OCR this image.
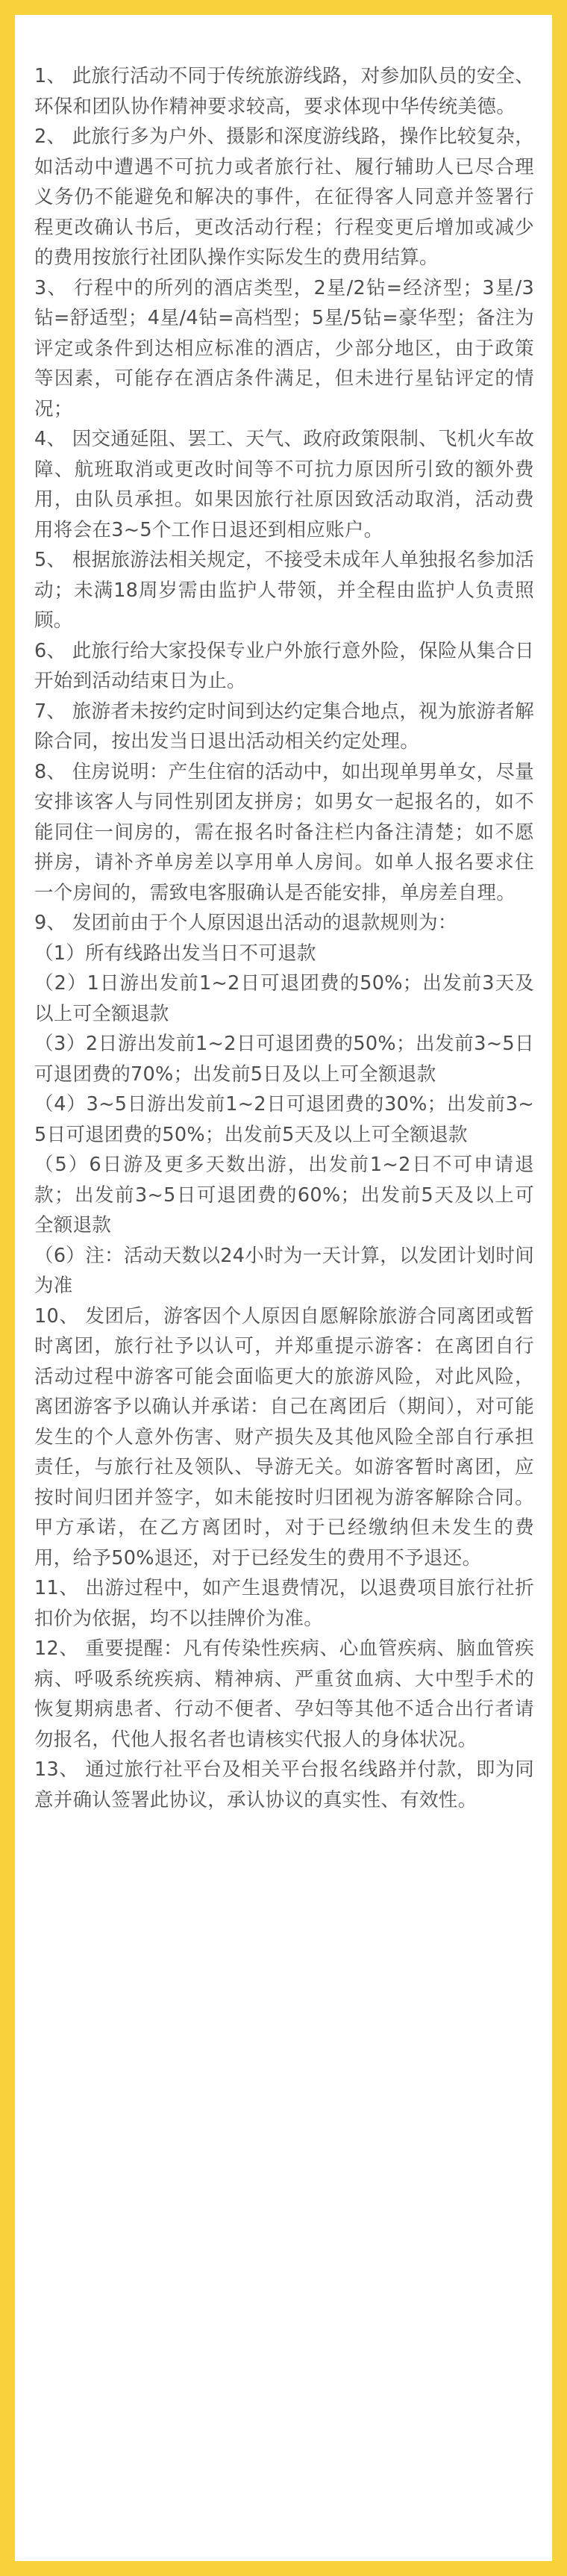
1、 此旅行活动不同于传统旅游线路，对参加队员的安全、环保和团队协作精神要求较高，要求体现中华传统美德。

2、 此旅行多为户外、摄影和深度游线路，操作比较复杂，如活动中遭遇不可抗力或者旅行社、履行辅助人已尽合理义务仍不能避免和解决的事件，在征得客人同意并签署行程更改确认书后，更改活动行程；行程变更后增加或减少的费用按旅行社团队操作实际发生的费用结算。

3、 行程中的所列的酒店类型，2星/2钻=经济型；3星/3钻=舒适型；4星/4钻=高档型；5星/5钻=豪华型；备注为评定或条件到达相应标准的酒店，少部分地区，由于政策等因素，可能存在酒店条件满足，但未进行星钻评定的情况；

4、 因交通延阻、罢工、天气、政府政策限制、飞机火车故障、航班取消或更改时间等不可抗力原因所引致的额外费用，由队员承担。如果因旅行社原因致活动取消，活动费用将会在3~5个工作日退还到相应账户。

5、 根据旅游法相关规定，不接受未成年人单独报名参加活动；未满18周岁需由监护人带领，并全程由监护人负责照顾。

6、 此旅行给大家投保专业户外旅行意外险，保险从集合日开始到活动结束日为止。

7、 旅游者未按约定时间到达约定集合地点，视为旅游者解除合同，按出发当日退出活动相关约定处理。

8、 住房说明：产生住宿的活动中，如出现单男单女，尽量安排该客人与同性别团友拼房；如男女一起报名的，如不能同住一间房的，需在报名时备注栏内备注清楚；如不愿拼房，请补齐单房差以享用单人房间。如单人报名要求住一个房间的，需致电客服确认是否能安排，单房差自理。

9、 发团前由于个人原因退出活动的退款规则为：

（1）所有线路出发当日不可退款

（2）1日游出发前1~2日可退团费的50%；出发前3天及以上可全额退款

（3）2日游出发前1~2日可退团费的50%；出发前3~5日可退团费的70%；出发前5日及以上可全额退款

（4）3~5日游出发前1~2日可退团费的30%；出发前3~5日可退团费的50%；出发前5天及以上可全额退款

（5）6日游及更多天数出游，出发前1~2日不可申请退款；出发前3~5日可退团费的60%；出发前5天及以上可全额退款

（6）注：活动天数以24小时为一天计算，以发团计划时间为准

10、 发团后，游客因个人原因自愿解除旅游合同离团或暂时离团，旅行社予以认可，并郑重提示游客：在离团自行活动过程中游客可能会面临更大的旅游风险，对此风险，离团游客予以确认并承诺：自己在离团后（期间），对可能发生的个人意外伤害、财产损失及其他风险全部自行承担责任，与旅行社及领队、导游无关。如游客暂时离团，应按时间归团并签字，如未能按时归团视为游客解除合同。甲方承诺，在乙方离团时，对于已经缴纳但未发生的费用，给予50%退还，对于已经发生的费用不予退还。

11、 出游过程中，如产生退费情况，以退费项目旅行社折扣价为依据，均不以挂牌价为准。

12、 重要提醒：凡有传染性疾病、心血管疾病、脑血管疾病、呼吸系统疾病、精神病、严重贫血病、大中型手术的恢复期病患者、行动不便者、孕妇等其他不适合出行者请勿报名，代他人报名者也请核实代报人的身体状况。

13、 通过旅行社平台及相关平台报名线路并付款，即为同意并确认签署此协议，承认协议的真实性、有效性。
